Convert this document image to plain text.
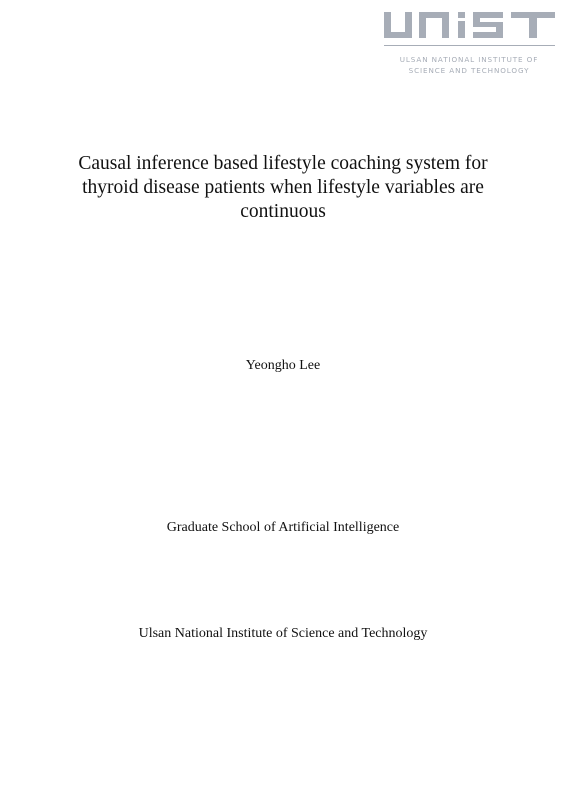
ULSAN NATIONAL INSTITUTE OF
SCIENCE AND TECHNOLOGY
Causal inference based lifestyle coaching system for
thyroid disease patients when lifestyle variables are
continuous
Yeongho Lee
Graduate School of Artificial Intelligence
Ulsan National Institute of Science and Technology
